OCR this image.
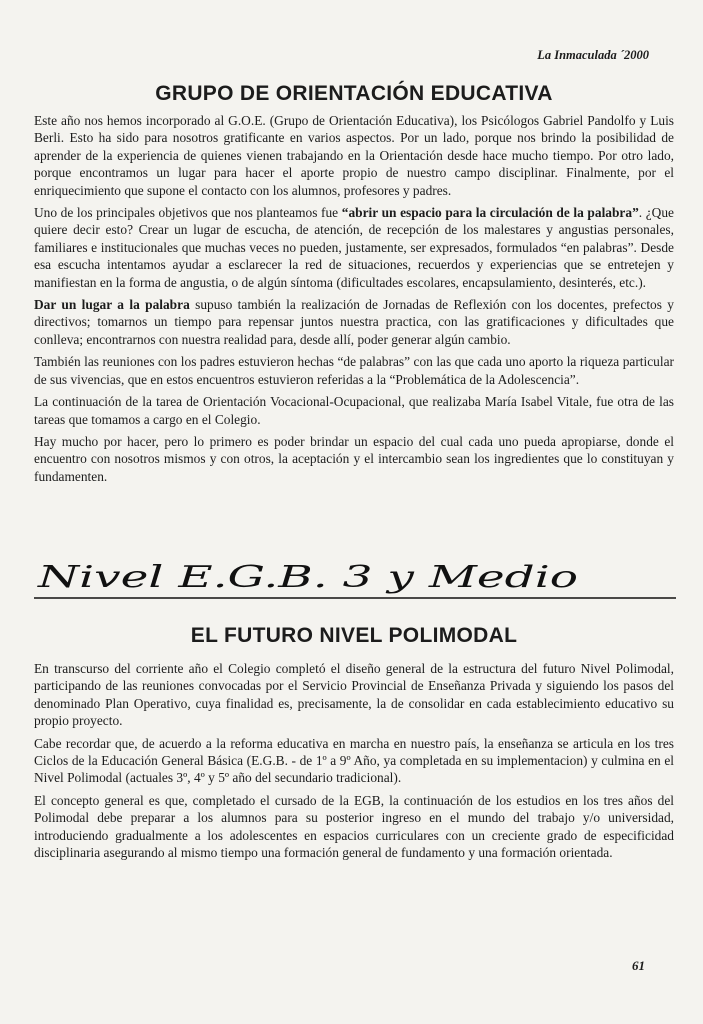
La Inmaculada ´2000
GRUPO DE ORIENTACIÓN EDUCATIVA

Este año nos hemos incorporado al G.O.E. (Grupo de Orientación Educativa), los Psicólogos Gabriel Pandolfo y Luis Berli. Esto ha sido para nosotros gratificante en varios aspectos. Por un lado, porque nos brindo la posibilidad de aprender de la experiencia de quienes vienen trabajando en la Orientación desde hace mucho tiempo. Por otro lado, porque encontramos un lugar para hacer el aporte propio de nuestro campo disciplinar. Finalmente, por el enriquecimiento que supone el contacto con los alumnos, profesores y padres.

Uno de los principales objetivos que nos planteamos fue “abrir un espacio para la circulación de la palabra”. ¿Que quiere decir esto? Crear un lugar de escucha, de atención, de recepción de los malestares y angustias personales, familiares e institucionales que muchas veces no pueden, justamente, ser expresados, formulados “en palabras”. Desde esa escucha intentamos ayudar a esclarecer la red de situaciones, recuerdos y experiencias que se entretejen y manifiestan en la forma de angustia, o de algún síntoma (dificultades escolares, encapsulamiento, desinterés, etc.).

Dar un lugar a la palabra supuso también la realización de Jornadas de Reflexión con los docentes, prefectos y directivos; tomarnos un tiempo para repensar juntos nuestra practica, con las gratificaciones y dificultades que conlleva; encontrarnos con nuestra realidad para, desde allí, poder generar algún cambio.

También las reuniones con los padres estuvieron hechas “de palabras” con las que cada uno aporto la riqueza particular de sus vivencias, que en estos encuentros estuvieron referidas a la “Problemática de la Adolescencia”.

La continuación de la tarea de Orientación Vocacional-Ocupacional, que realizaba María Isabel Vitale, fue otra de las tareas que tomamos a cargo en el Colegio.

Hay mucho por hacer, pero lo primero es poder brindar un espacio del cual cada uno pueda apropiarse, donde el encuentro con nosotros mismos y con otros, la aceptación y el intercambio sean los ingredientes que lo constituyan y fundamenten.

Nivel E.G.B. 3 y Medio
EL FUTURO NIVEL POLIMODAL

En transcurso del corriente año el Colegio completó el diseño general de la estructura del futuro Nivel Polimodal, participando de las reuniones convocadas por el Servicio Provincial de Enseñanza Privada y siguiendo los pasos del denominado Plan Operativo, cuya finalidad es, precisamente, la de consolidar en cada establecimiento educativo su propio proyecto.

Cabe recordar que, de acuerdo a la reforma educativa en marcha en nuestro país, la enseñanza se articula en los tres Ciclos de la Educación General Básica (E.G.B. - de 1º a 9º Año, ya completada en su implementacion) y culmina en el Nivel Polimodal (actuales 3º, 4º y 5º año del secundario tradicional).

El concepto general es que, completado el cursado de la EGB, la continuación de los estudios en los tres años del Polimodal debe preparar a los alumnos para su posterior ingreso en el mundo del trabajo y/o universidad, introduciendo gradualmente a los adolescentes en espacios curriculares con un creciente grado de especificidad disciplinaria asegurando al mismo tiempo una formación general de fundamento y una formación orientada.

61
